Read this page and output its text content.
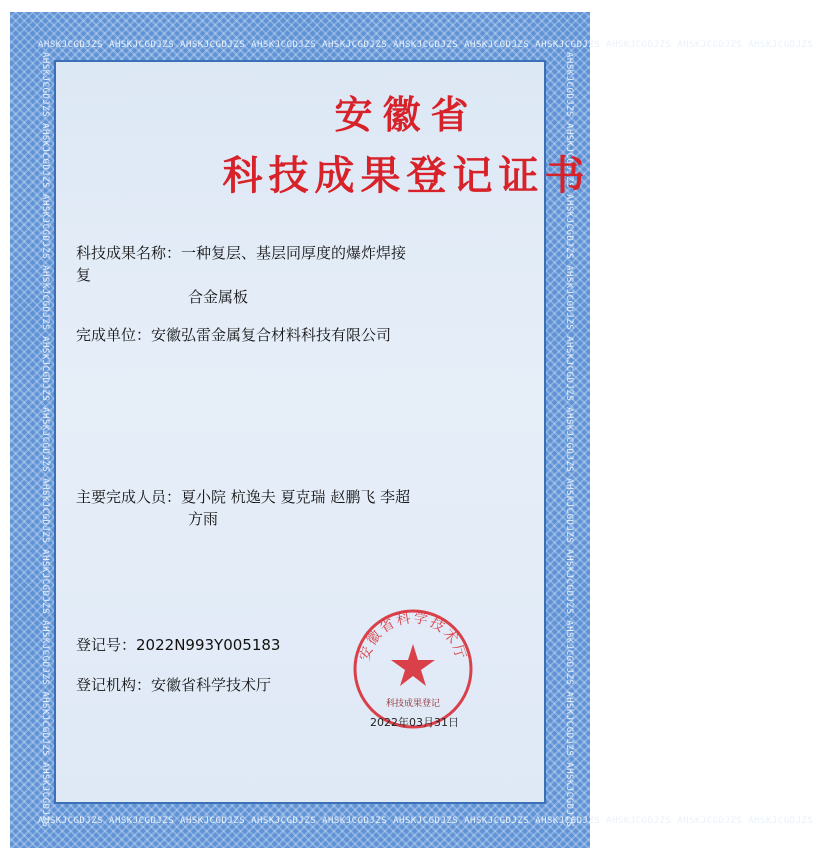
AHSKJCGDJZS AHSKJCGDJZS AHSKJCGDJZS AHSKJCGDJZS AHSKJCGDJZS AHSKJCGDJZS AHSKJCGDJZS AHSKJCGDJZS AHSKJCGDJZS AHSKJCGDJZS AHSKJCGDJZS
AHSKJCGDJZS AHSKJCGDJZS AHSKJCGDJZS AHSKJCGDJZS AHSKJCGDJZS AHSKJCGDJZS AHSKJCGDJZS AHSKJCGDJZS AHSKJCGDJZS AHSKJCGDJZS AHSKJCGDJZS
AHSKJCGDJZS AHSKJCGDJZS AHSKJCGDJZS AHSKJCGDJZS AHSKJCGDJZS AHSKJCGDJZS AHSKJCGDJZS AHSKJCGDJZS AHSKJCGDJZS AHSKJCGDJZS AHSKJCGDJZS	AHSKJCGDJZS AHSKJCGDJZS AHSKJCGDJZS AHSKJCGDJZS AHSKJCGDJZS AHSKJCGDJZS AHSKJCGDJZS AHSKJCGDJZS AHSKJCGDJZS AHSKJCGDJZS AHSKJCGDJZS
安徽省
科技成果登记证书
科技成果名称：一种复层、基层同厚度的爆炸焊接复
合金属板
完成单位：安徽弘雷金属复合材料科技有限公司
主要完成人员：夏小院 杭逸夫 夏克瑞 赵鹏飞 李超
方雨
登记号：2022N993Y005183
登记机构：安徽省科学技术厅
安徽省科学技术厅
科技成果登记
2022年03月31日
